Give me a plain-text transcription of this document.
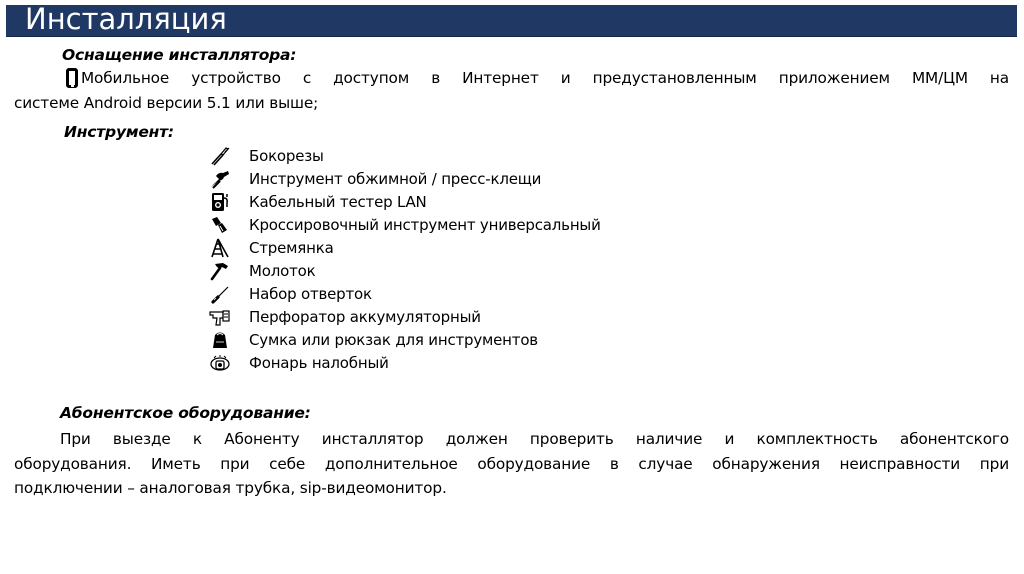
Инсталляция
Оснащение инсталлятора:
Мобильное устройство с доступом в Интернет и предустановленным приложением ММ/ЦМ на
системе Android версии 5.1 или выше;
Инструмент:
Бокорезы
Инструмент обжимной / пресс-клещи
Кабельный тестер LAN
Кроссировочный инструмент универсальный
Стремянка
Молоток
Набор отверток
Перфоратор аккумуляторный
Сумка или рюкзак для инструментов
Фонарь налобный
Абонентское оборудование:
При выезде к Абоненту инсталлятор должен проверить наличие и комплектность абонентского
оборудования. Иметь при себе дополнительное оборудование в случае обнаружения неисправности при
подключении – аналоговая трубка, sip-видеомонитор.
